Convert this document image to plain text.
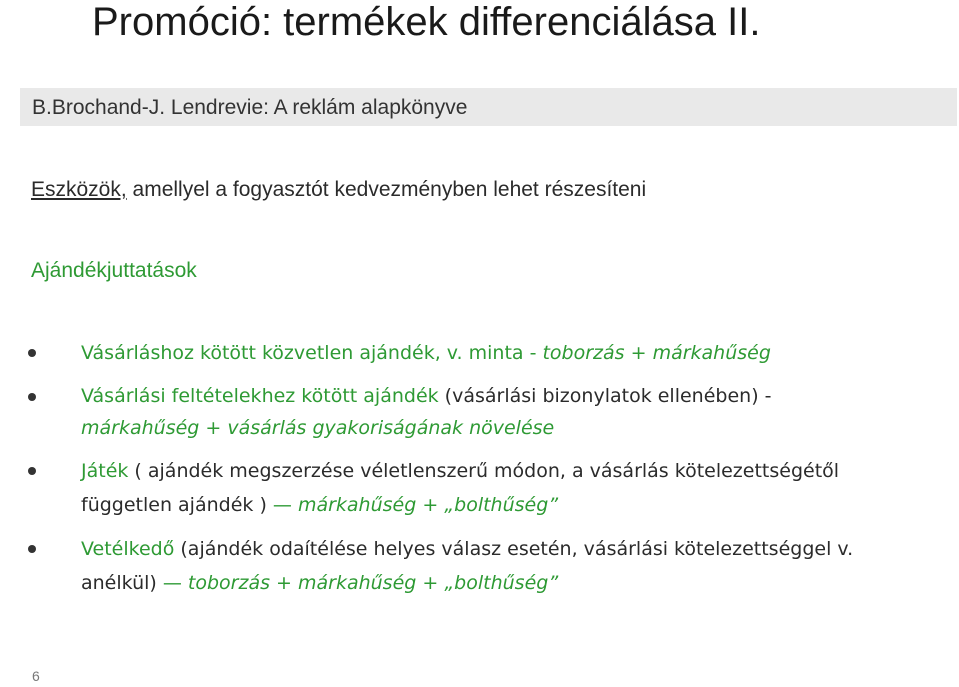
Promóció: termékek differenciálása II.
B.Brochand-J. Lendrevie: A reklám alapkönyve
Eszközök, amellyel a fogyasztót kedvezményben lehet részesíteni
Ajándékjuttatások
Vásárláshoz kötött közvetlen ajándék, v. minta - toborzás + márkahűség
Vásárlási feltételekhez kötött ajándék (vásárlási bizonylatok ellenében) -
márkahűség + vásárlás gyakoriságának növelése
Játék ( ajándék megszerzése véletlenszerű módon, a vásárlás kötelezettségétől független ajándék ) — márkahűség + „bolthűség”
Vetélkedő (ajándék odaítélése helyes válasz esetén, vásárlási kötelezettséggel v. anélkül) — toborzás + márkahűség + „bolthűség”
6
